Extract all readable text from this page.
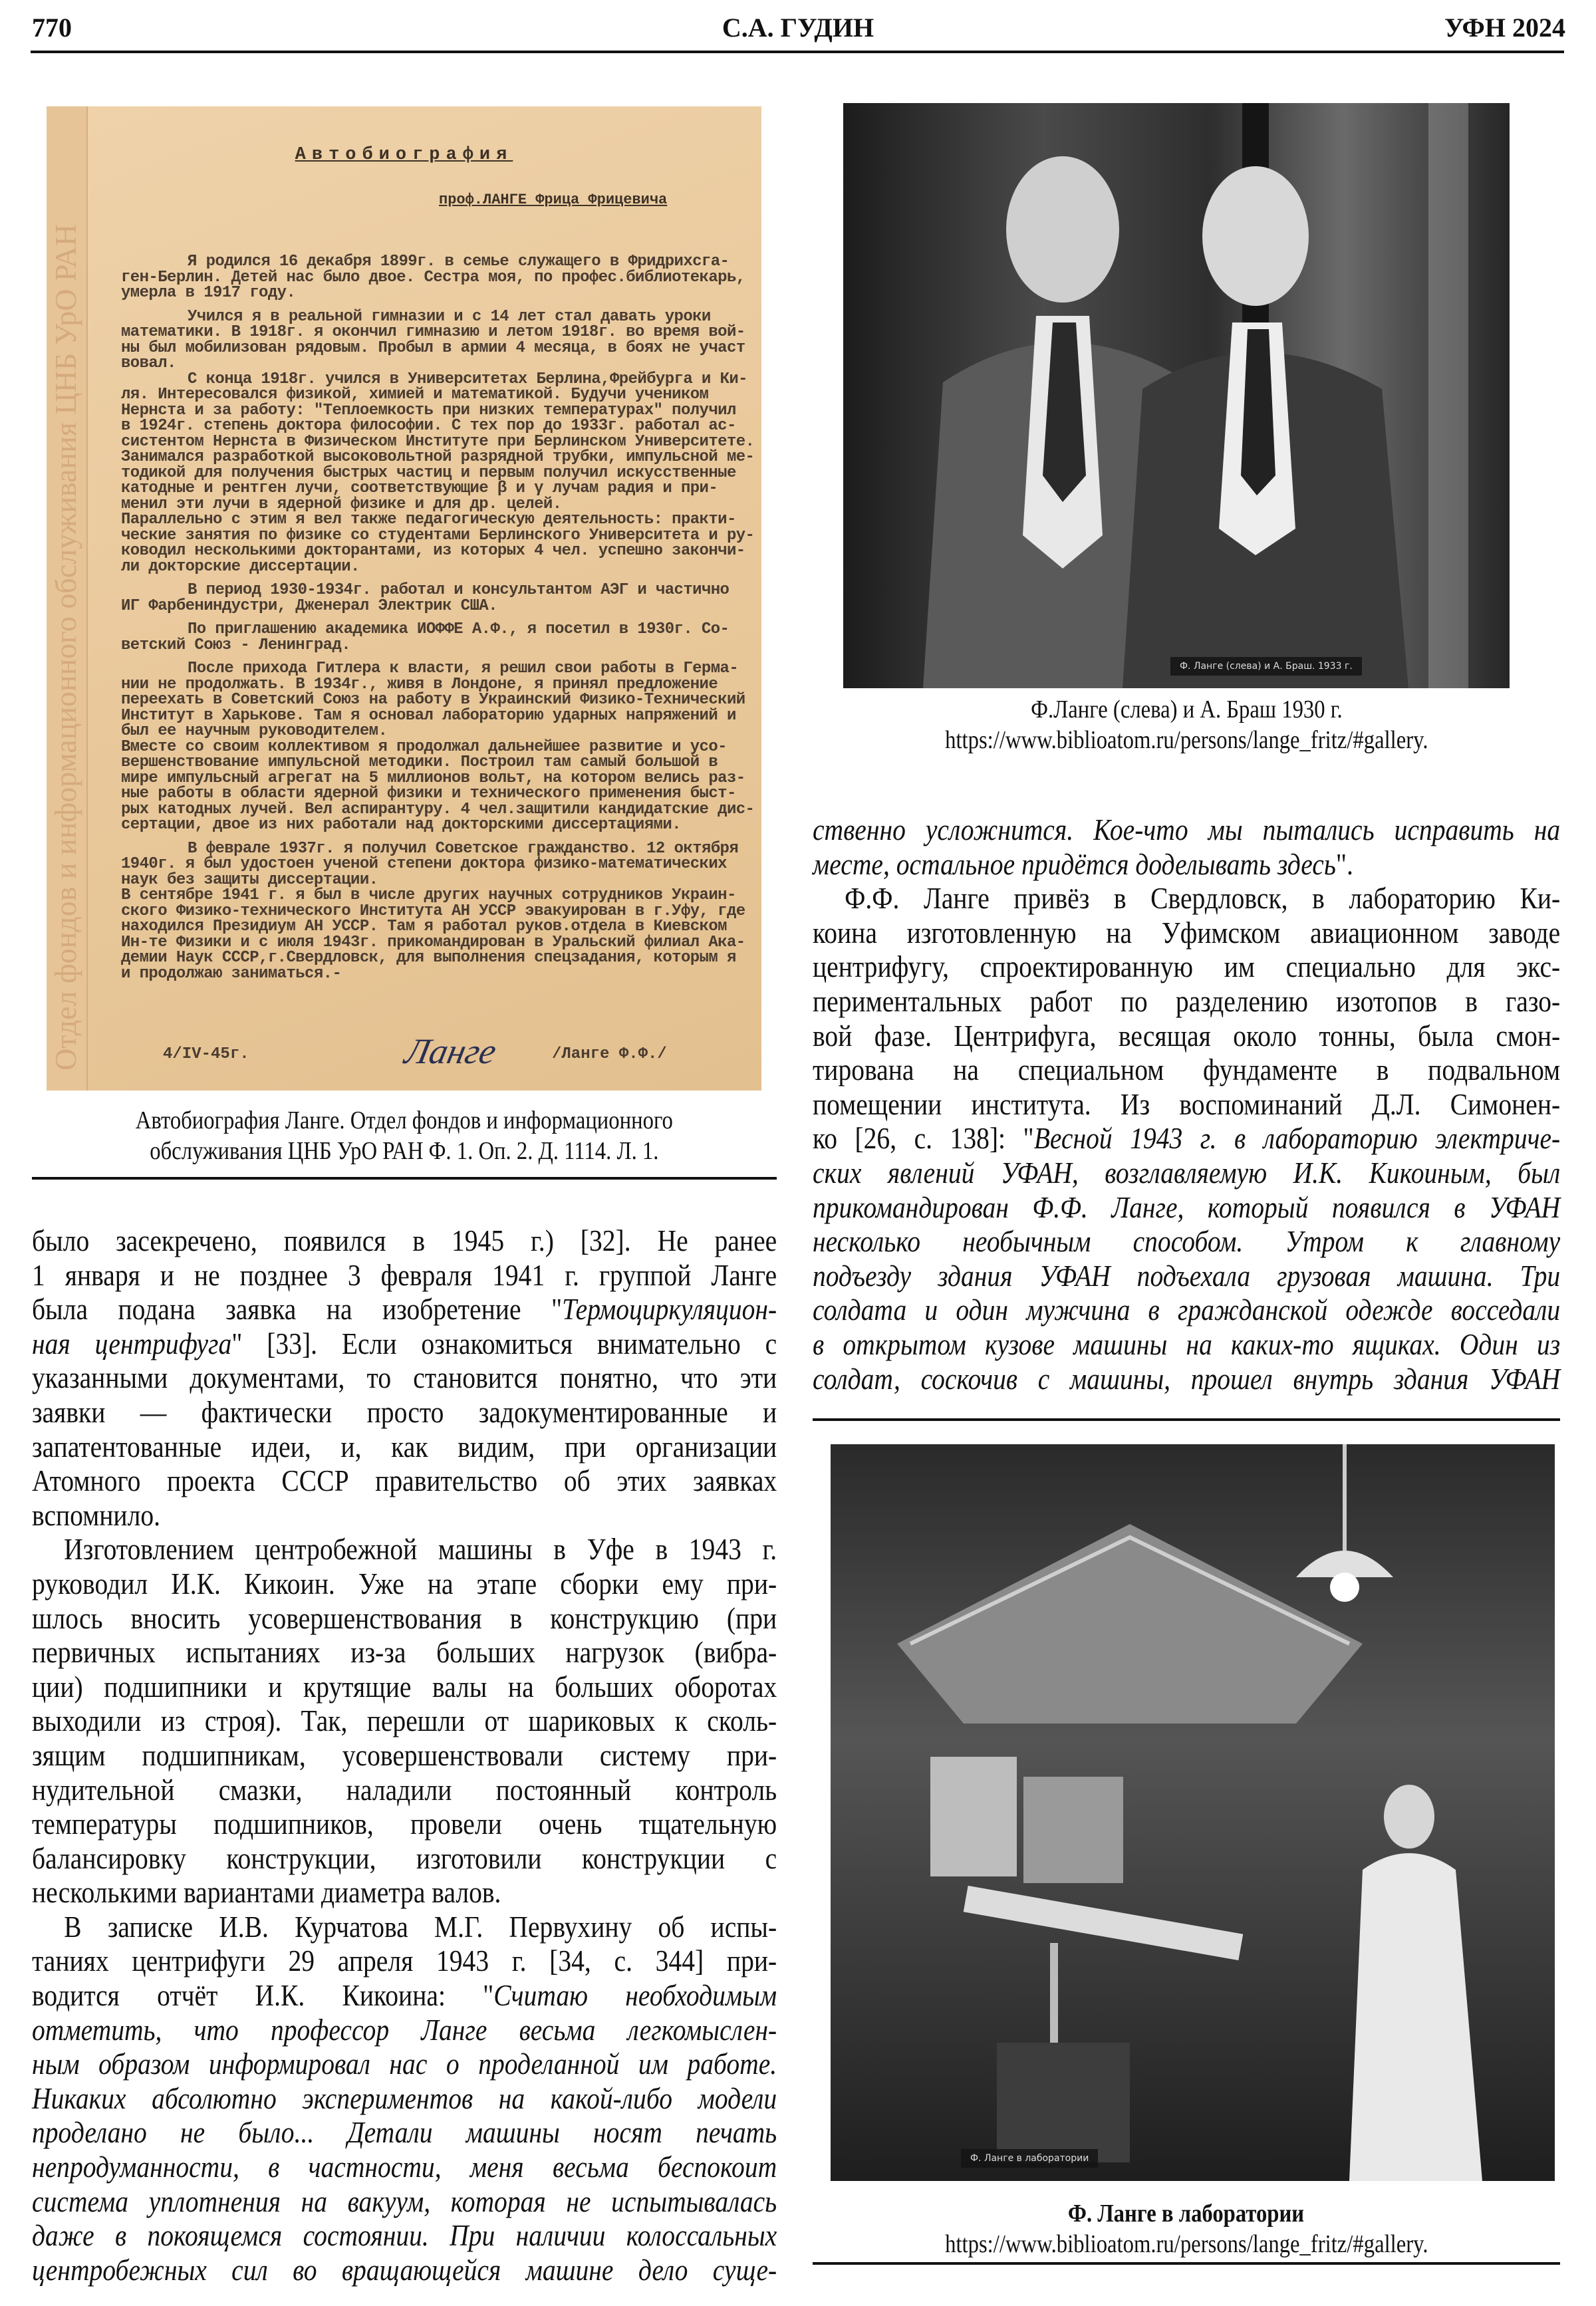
770	С.А. ГУДИН	УФН 2024
Отдел фондов и информационного обслуживания ЦНБ УрО РАН
Автобиография
проф.ЛАНГЕ Фрица Фрицевича
Я родился 16 декабря 1899г. в семье служащего в Фридрихсга-
ген-Берлин. Детей нас было двое. Сестра моя, по профес.библиотекарь,
умерла в 1917 году.
Учился я в реальной гимназии и с 14 лет стал давать уроки
математики. В 1918г. я окончил гимназию и летом 1918г. во время вой-
ны был мобилизован рядовым. Пробыл в армии 4 месяца, в боях не участ
вовал.
С конца 1918г. учился в Университетах Берлина,Фрейбурга и Ки-
ля. Интересовался физикой, химией и математикой. Будучи учеником
Нернста и за работу: "Теплоемкость при низких температурах" получил
в 1924г. степень доктора философии. С тех пор до 1933г. работал ас-
систентом Нернста в Физическом Институте при Берлинском Университете.
Занимался разработкой высоковольтной разрядной трубки, импульсной ме-
тодикой для получения быстрых частиц и первым получил искусственные
катодные и рентген лучи, соответствующие β и γ лучам радия и при-
менил эти лучи в ядерной физике и для др. целей.
Параллельно с этим я вел также педагогическую деятельность: практи-
ческие занятия по физике со студентами Берлинского Университета и ру-
ководил несколькими докторантами, из которых 4 чел. успешно закончи-
ли докторские диссертации.
В период 1930-1934г. работал и консультантом АЭГ и частично
ИГ Фарбениндустри, Дженерал Электрик США.
По приглашению академика ИОФФЕ А.Ф., я посетил в 1930г. Со-
ветский Союз - Ленинград.
После прихода Гитлера к власти, я решил свои работы в Герма-
нии не продолжать. В 1934г., живя в Лондоне, я принял предложение
переехать в Советский Союз на работу в Украинский Физико-Технический
Институт в Харькове. Там я основал лабораторию ударных напряжений и
был ее научным руководителем.
Вместе со своим коллективом я продолжал дальнейшее развитие и усо-
вершенствование импульсной методики. Построил там самый большой в
мире импульсный агрегат на 5 миллионов вольт, на котором велись раз-
ные работы в области ядерной физики и технического применения быст-
рых катодных лучей. Вел аспирантуру. 4 чел.защитили кандидатские дис-
сертации, двое из них работали над докторскими диссертациями.
В феврале 1937г. я получил Советское гражданство. 12 октября
1940г. я был удостоен ученой степени доктора физико-математических
наук без защиты диссертации.
В сентябре 1941 г. я был в числе других научных сотрудников Украин-
ского Физико-технического Института АН УССР эвакуирован в г.Уфу, где
находился Президиум АН УССР. Там я работал руков.отдела в Киевском
Ин-те Физики и с июля 1943г. прикомандирован в Уральский филиал Ака-
демии Наук СССР,г.Свердловск, для выполнения спецзадания, которым я
и продолжаю заниматься.-
4/IV-45г.	Ланге	/Ланге Ф.Ф./
Автобиография Ланге. Отдел фондов и информационного
обслуживания ЦНБ УрО РАН Ф. 1. Оп. 2. Д. 1114. Л. 1.
было засекречено, появился в 1945 г.) [32]. Не ранее
1 января и не позднее 3 февраля 1941 г. группой Ланге
была подана заявка на изобретение "Термоциркуляцион-
ная центрифуга" [33]. Если ознакомиться внимательно с
указанными документами, то становится понятно, что эти
заявки — фактически просто задокументированные и
запатентованные идеи, и, как видим, при организации
Атомного проекта СССР правительство об этих заявках
вспомнило.
Изготовлением центробежной машины в Уфе в 1943 г.
руководил И.К. Кикоин. Уже на этапе сборки ему при-
шлось вносить усовершенствования в конструкцию (при
первичных испытаниях из-за больших нагрузок (вибра-
ции) подшипники и крутящие валы на больших оборотах
выходили из строя). Так, перешли от шариковых к сколь-
зящим подшипникам, усовершенствовали систему при-
нудительной смазки, наладили постоянный контроль
температуры подшипников, провели очень тщательную
балансировку конструкции, изготовили конструкции с
несколькими вариантами диаметра валов.
В записке И.В. Курчатова М.Г. Первухину об испы-
таниях центрифуги 29 апреля 1943 г. [34, с. 344] при-
водится отчёт И.К. Кикоина: "Считаю необходимым
отметить, что профессор Ланге весьма легкомыслен-
ным образом информировал нас о проделанной им работе.
Никаких абсолютно экспериментов на какой-либо модели
проделано не было... Детали машины носят печать
непродуманности, в частности, меня весьма беспокоит
система уплотнения на вакуум, которая не испытывалась
даже в покоящемся состоянии. При наличии колоссальных
центробежных сил во вращающейся машине дело суще-
Ф. Ланге (слева) и А. Браш. 1933 г.
Ф.Ланге (слева) и А. Браш 1930 г.
https://www.biblioatom.ru/persons/lange_fritz/#gallery.
ственно усложнится. Кое-что мы пытались исправить на
месте, остальное придётся доделывать здесь".
Ф.Ф. Ланге привёз в Свердловск, в лабораторию Ки-
коина изготовленную на Уфимском авиационном заводе
центрифугу, спроектированную им специально для экс-
периментальных работ по разделению изотопов в газо-
вой фазе. Центрифуга, весящая около тонны, была смон-
тирована на специальном фундаменте в подвальном
помещении института. Из воспоминаний Д.Л. Симонен-
ко [26, с. 138]: "Весной 1943 г. в лабораторию электриче-
ских явлений УФАН, возглавляемую И.К. Кикоиным, был
прикомандирован Ф.Ф. Ланге, который появился в УФАН
несколько необычным способом. Утром к главному
подъезду здания УФАН подъехала грузовая машина. Три
солдата и один мужчина в гражданской одежде восседали
в открытом кузове машины на каких-то ящиках. Один из
солдат, соскочив с машины, прошел внутрь здания УФАН
Ф. Ланге в лаборатории
Ф. Ланге в лаборатории
https://www.biblioatom.ru/persons/lange_fritz/#gallery.
